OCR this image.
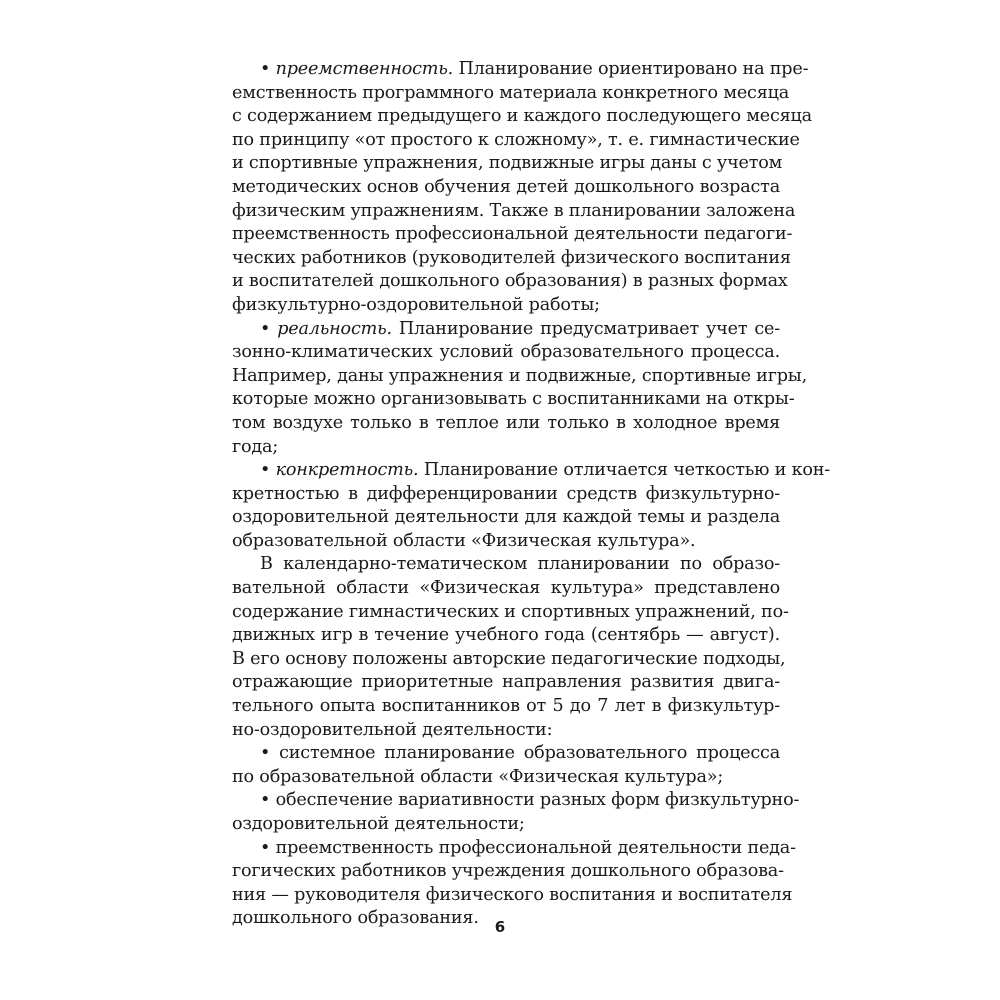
• преемственность. Планирование ориентировано на пре-
емственность программного материала конкретного месяца
с содержанием предыдущего и каждого последующего месяца
по принципу «от простого к сложному», т. е. гимнастические
и спортивные упражнения, подвижные игры даны с учетом
методических основ обучения детей дошкольного возраста
физическим упражнениям. Также в планировании заложена
преемственность профессиональной деятельности педагоги-
ческих работников (руководителей физического воспитания
и воспитателей дошкольного образования) в разных формах
физкультурно-оздоровительной работы;
• реальность. Планирование предусматривает учет се-
зонно-климатических условий образовательного процесса.
Например, даны упражнения и подвижные, спортивные игры,
которые можно организовывать с воспитанниками на откры-
том воздухе только в теплое или только в холодное время
года;
• конкретность. Планирование отличается четкостью и кон-
кретностью в дифференцировании средств физкультурно-
оздоровительной деятельности для каждой темы и раздела
образовательной области «Физическая культура».
В календарно-тематическом планировании по образо-
вательной области «Физическая культура» представлено
содержание гимнастических и спортивных упражнений, по-
движных игр в течение учебного года (сентябрь — август).
В его основу положены авторские педагогические подходы,
отражающие приоритетные направления развития двига-
тельного опыта воспитанников от 5 до 7 лет в физкультур-
но-оздоровительной деятельности:
• системное планирование образовательного процесса
по образовательной области «Физическая культура»;
• обеспечение вариативности разных форм физкультурно-
оздоровительной деятельности;
• преемственность профессиональной деятельности педа-
гогических работников учреждения дошкольного образова-
ния — руководителя физического воспитания и воспитателя
дошкольного образования.	6
